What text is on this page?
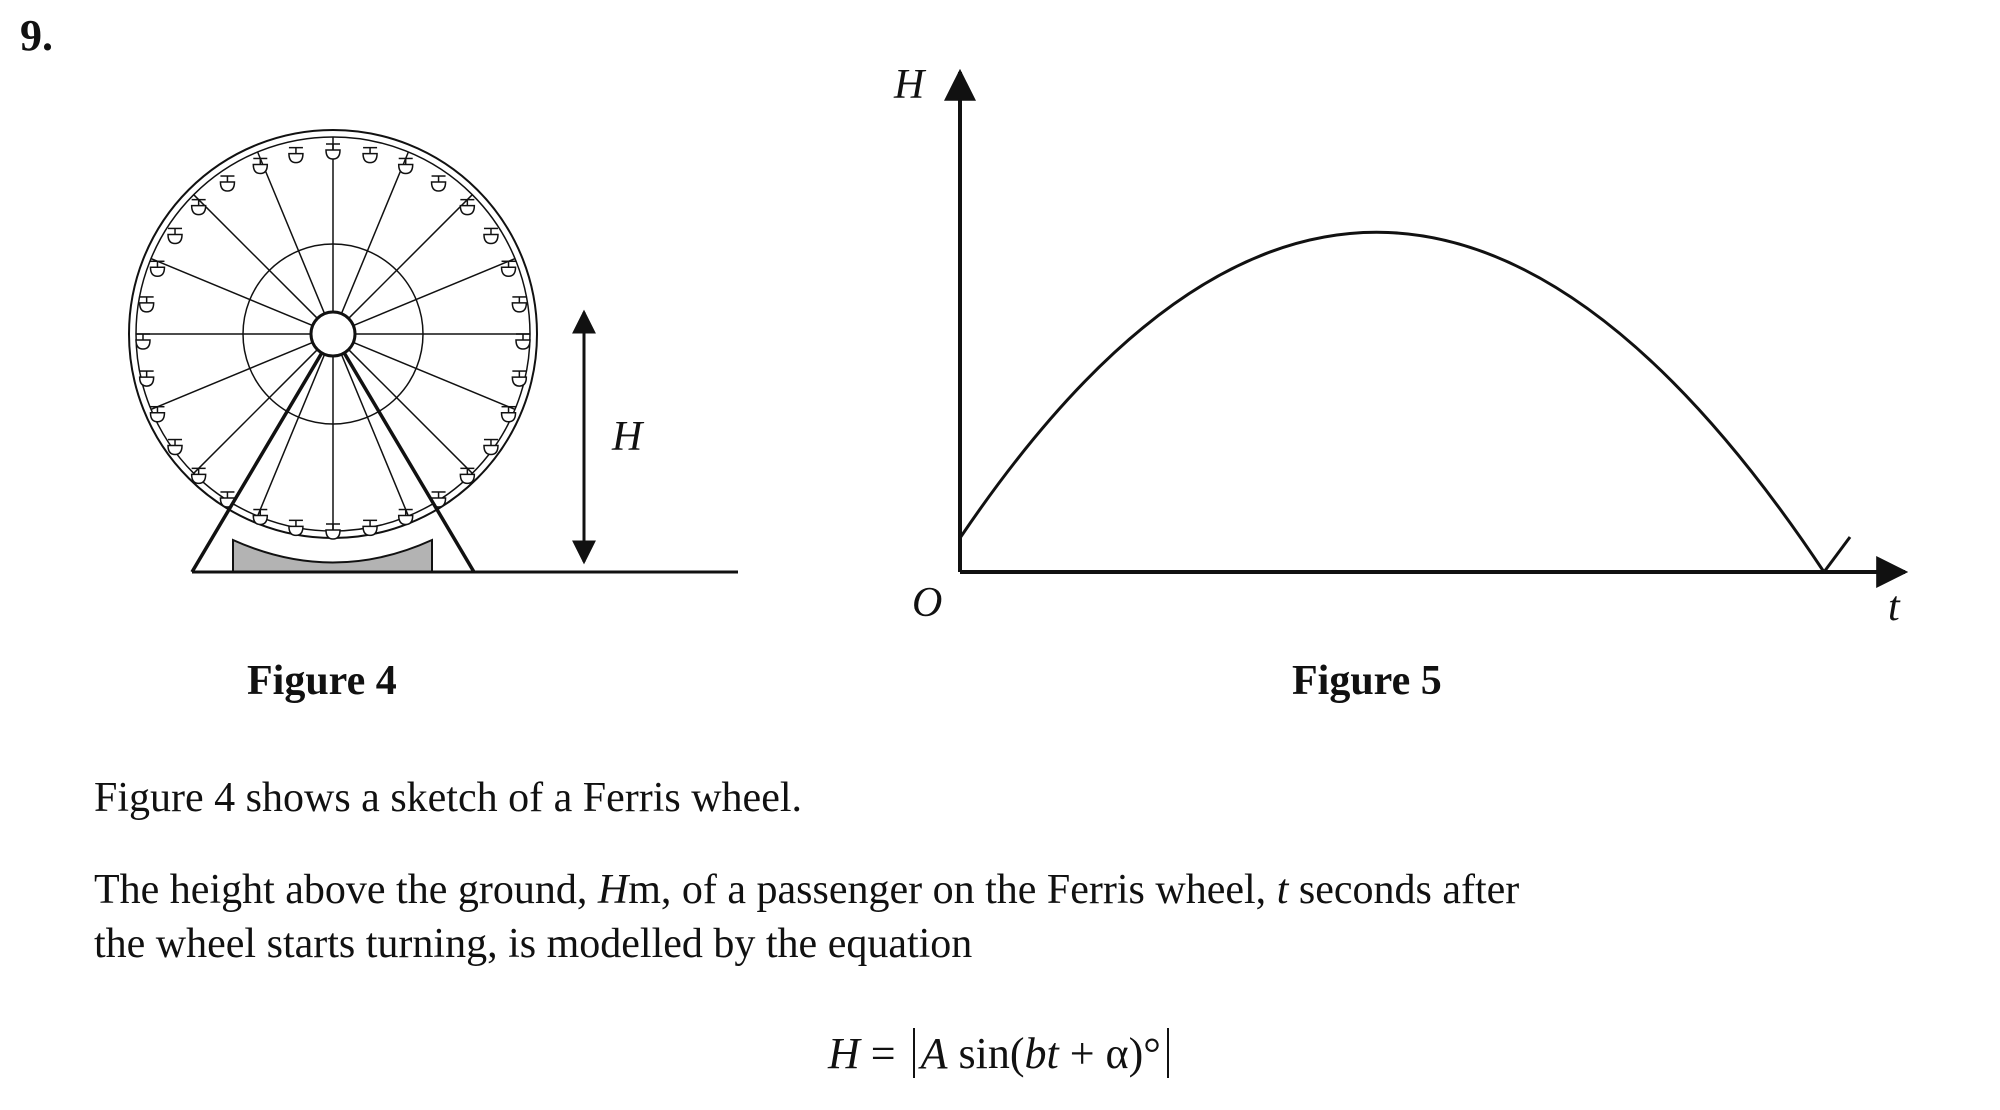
9.
H
H
O	t
Figure 4	Figure 5
Figure 4 shows a sketch of a Ferris wheel.
The height above the ground, Hm, of a passenger on the Ferris wheel, t seconds after
the wheel starts turning, is modelled by the equation
H = A sin(bt + α)°
